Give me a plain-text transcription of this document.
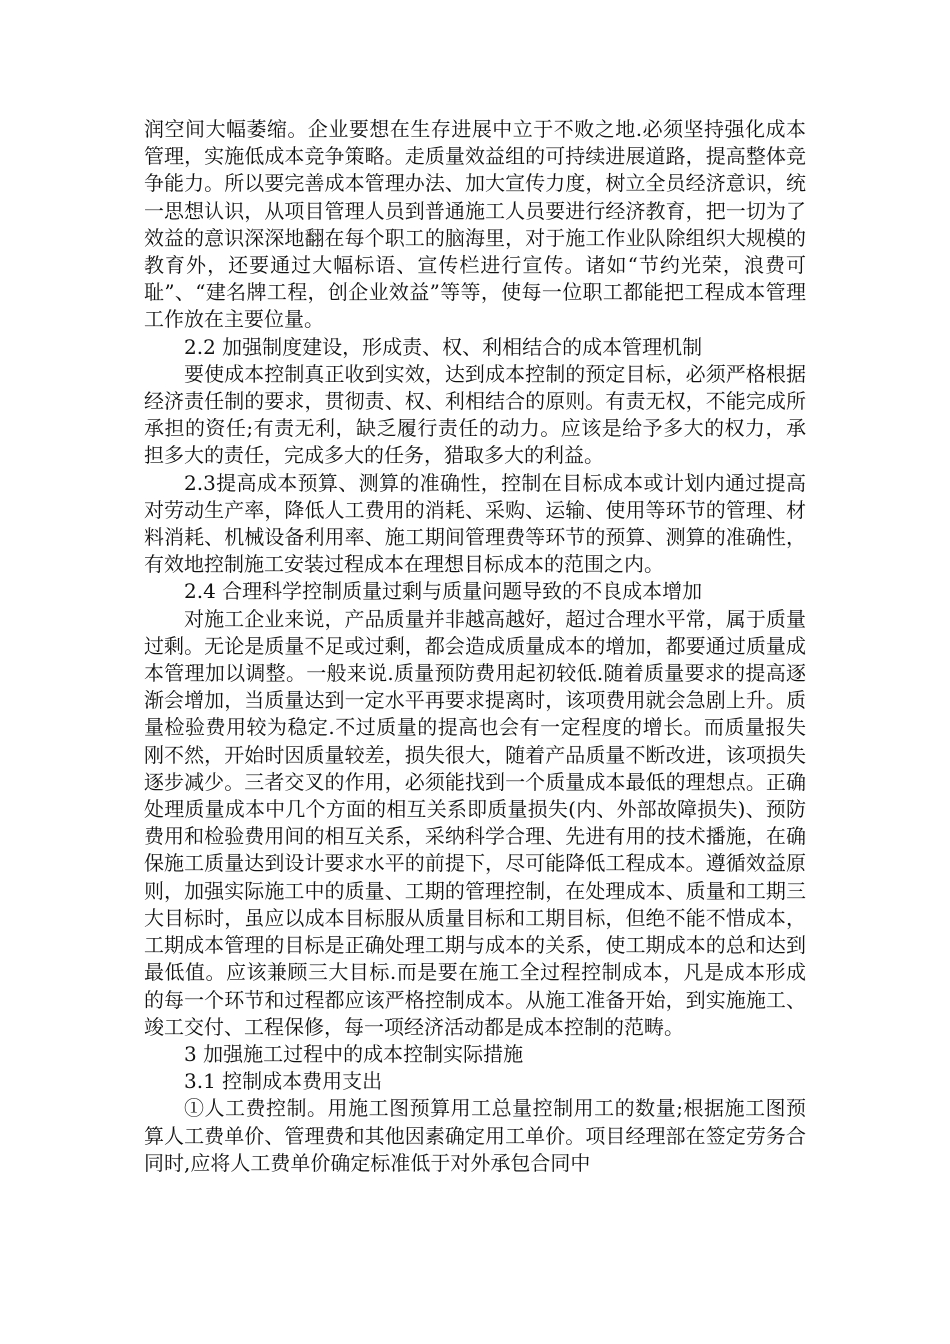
润空间大幅萎缩。企业要想在生存进展中立于不败之地.必须坚持强化成本管理，实施低成本竞争策略。走质量效益组的可持续进展道路，提高整体竞争能力。所以要完善成本管理办法、加大宣传力度，树立全员经济意识，统一思想认识，从项目管理人员到普通施工人员要进行经济教育，把一切为了效益的意识深深地翻在每个职工的脑海里，对于施工作业队除组织大规模的教育外，还要通过大幅标语、宣传栏进行宣传。诸如“节约光荣，浪费可耻”、“建名牌工程，创企业效益”等等，使每一位职工都能把工程成本管理工作放在主要位量。

2.2 加强制度建设，形成责、权、利相结合的成本管理机制

要使成本控制真正收到实效，达到成本控制的预定目标，必须严格根据经济责任制的要求，贯彻责、权、利相结合的原则。有责无权，不能完成所承担的资任;有责无利，缺乏履行责任的动力。应该是给予多大的权力，承担多大的责任，完成多大的任务，猎取多大的利益。

2.3提高成本预算、测算的准确性，控制在目标成本或计划内通过提高对劳动生产率，降低人工费用的消耗、采购、运输、使用等环节的管理、材料消耗、机械设备利用率、施工期间管理费等环节的预算、测算的准确性，有效地控制施工安装过程成本在理想目标成本的范围之内。

2.4 合理科学控制质量过剩与质量问题导致的不良成本增加

对施工企业来说，产品质量并非越高越好，超过合理水平常，属于质量过剩。无论是质量不足或过剩，都会造成质量成本的增加，都要通过质量成本管理加以调整。一般来说.质量预防费用起初较低.随着质量要求的提高逐渐会增加，当质量达到一定水平再要求提离时，该项费用就会急剧上升。质量检验费用较为稳定.不过质量的提高也会有一定程度的增长。而质量报失刚不然，开始时因质量较差，损失很大，随着产品质量不断改进，该项损失逐步减少。三者交叉的作用，必须能找到一个质量成本最低的理想点。正确处理质量成本中几个方面的相互关系即质量损失(内、外部故障损失)、预防费用和检验费用间的相互关系，采纳科学合理、先进有用的技术播施，在确保施工质量达到设计要求水平的前提下，尽可能降低工程成本。遵循效益原则，加强实际施工中的质量、工期的管理控制，在处理成本、质量和工期三大目标时，虽应以成本目标服从质量目标和工期目标，但绝不能不惜成本，工期成本管理的目标是正确处理工期与成本的关系，使工期成本的总和达到最低值。应该兼顾三大目标.而是要在施工全过程控制成本，凡是成本形成的每一个环节和过程都应该严格控制成本。从施工准备开始，到实施施工、竣工交付、工程保修，每一项经济活动都是成本控制的范畴。

3 加强施工过程中的成本控制实际措施

3.1 控制成本费用支出

①人工费控制。用施工图预算用工总量控制用工的数量;根据施工图预算人工费单价、管理费和其他因素确定用工单价。项目经理部在签定劳务合同时,应将人工费单价确定标准低于对外承包合同中
